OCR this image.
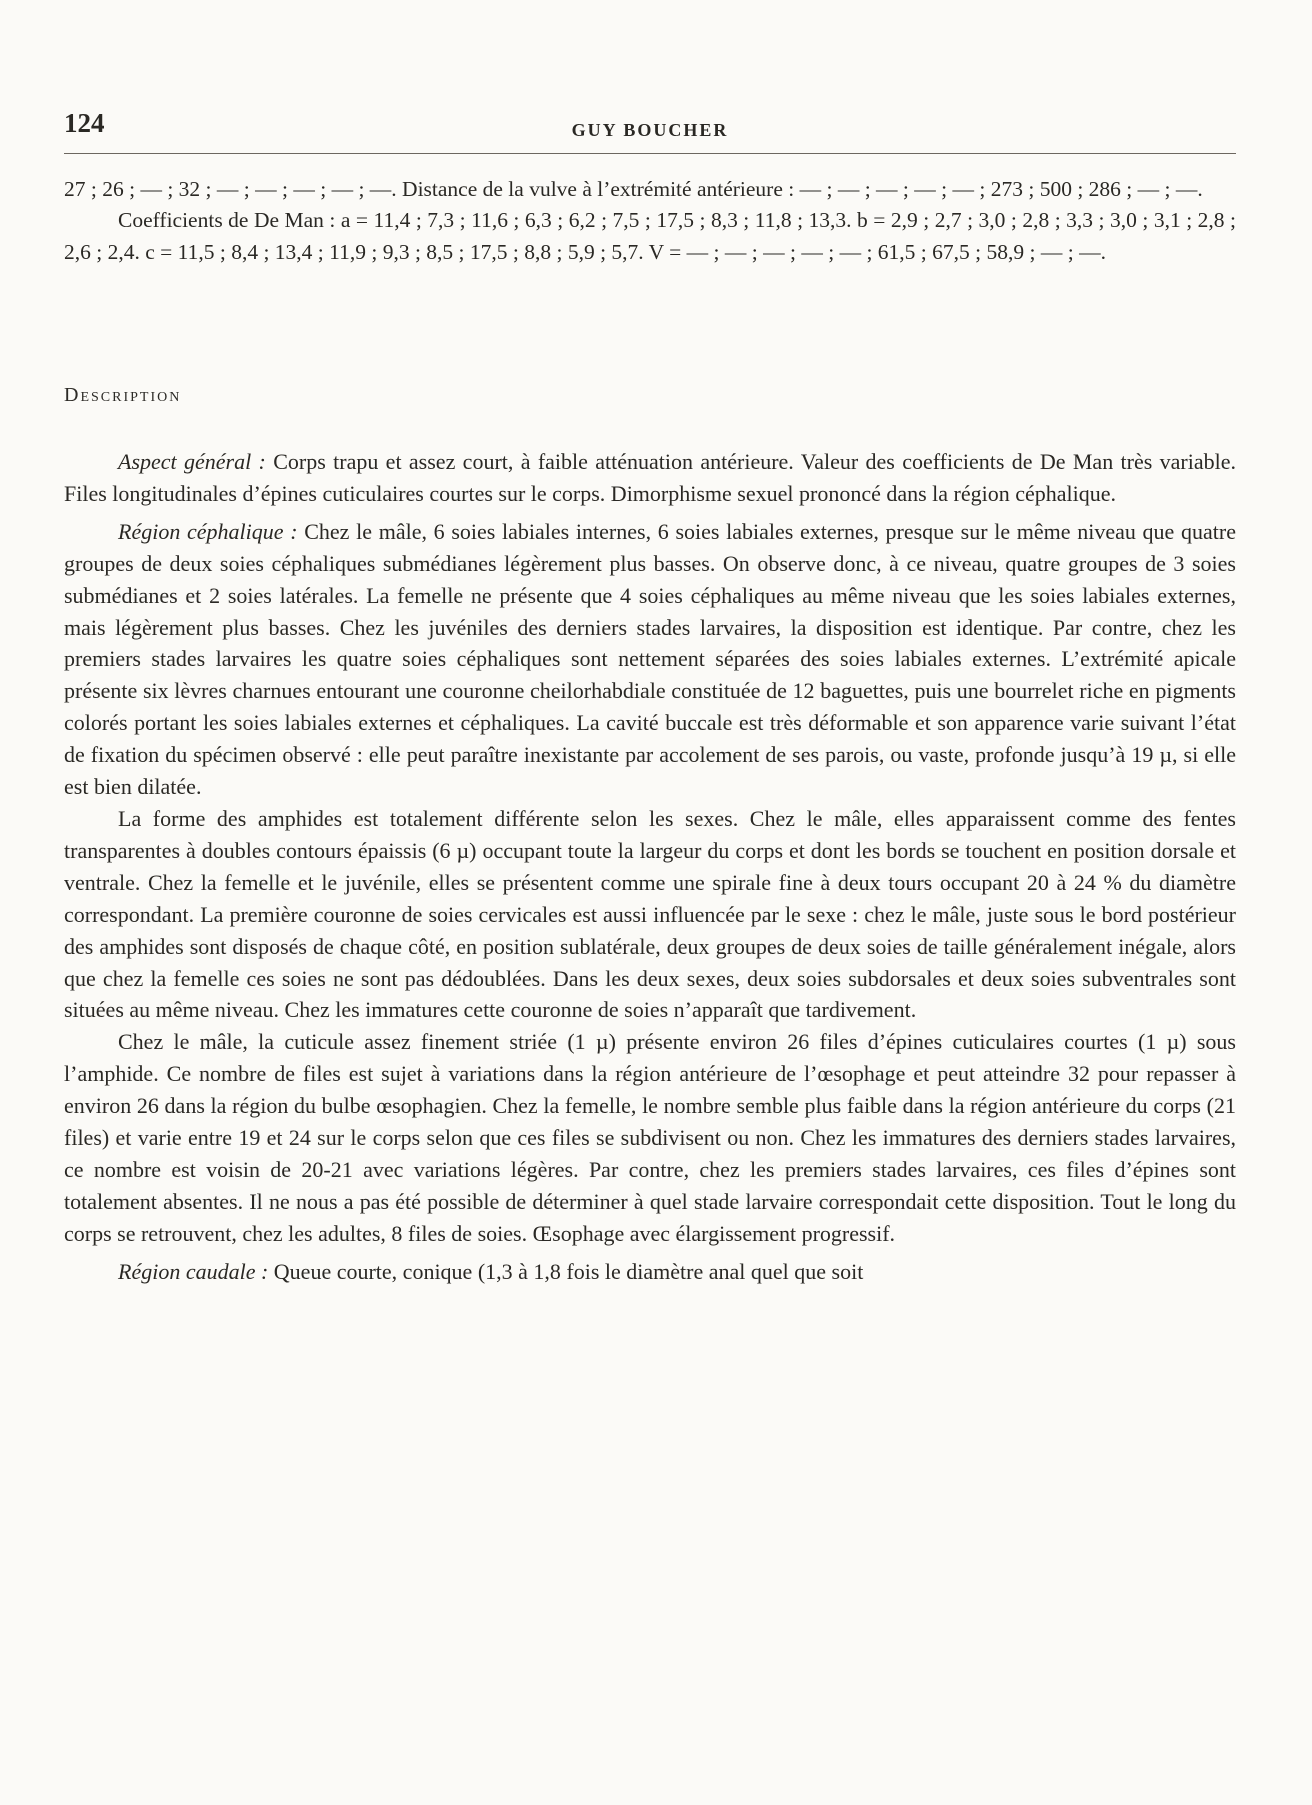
124	GUY BOUCHER

27 ; 26 ; — ; 32 ; — ; — ; — ; — ; —. Distance de la vulve à l’extrémité antérieure : — ; — ; — ; — ; — ; 273 ; 500 ; 286 ; — ; —.

Coefficients de De Man : a = 11,4 ; 7,3 ; 11,6 ; 6,3 ; 6,2 ; 7,5 ; 17,5 ; 8,3 ; 11,8 ; 13,3. b = 2,9 ; 2,7 ; 3,0 ; 2,8 ; 3,3 ; 3,0 ; 3,1 ; 2,8 ; 2,6 ; 2,4. c = 11,5 ; 8,4 ; 13,4 ; 11,9 ; 9,3 ; 8,5 ; 17,5 ; 8,8 ; 5,9 ; 5,7. V = — ; — ; — ; — ; — ; 61,5 ; 67,5 ; 58,9 ; — ; —.

Description

Aspect général : Corps trapu et assez court, à faible atténuation antérieure. Valeur des coefficients de De Man très variable. Files longitudinales d’épines cuticulaires courtes sur le corps. Dimorphisme sexuel prononcé dans la région céphalique.

Région céphalique : Chez le mâle, 6 soies labiales internes, 6 soies labiales externes, presque sur le même niveau que quatre groupes de deux soies céphaliques submédianes légèrement plus basses. On observe donc, à ce niveau, quatre groupes de 3 soies submédianes et 2 soies latérales. La femelle ne présente que 4 soies céphaliques au même niveau que les soies labiales externes, mais légèrement plus basses. Chez les juvéniles des derniers stades larvaires, la disposition est identique. Par contre, chez les premiers stades larvaires les quatre soies céphaliques sont nettement séparées des soies labiales externes. L’extrémité apicale présente six lèvres charnues entourant une couronne cheilorhabdiale constituée de 12 baguettes, puis une bourrelet riche en pigments colorés portant les soies labiales externes et céphaliques. La cavité buccale est très déformable et son apparence varie suivant l’état de fixation du spécimen observé : elle peut paraître inexistante par accolement de ses parois, ou vaste, profonde jusqu’à 19 µ, si elle est bien dilatée.

La forme des amphides est totalement différente selon les sexes. Chez le mâle, elles apparaissent comme des fentes transparentes à doubles contours épaissis (6 µ) occupant toute la largeur du corps et dont les bords se touchent en position dorsale et ventrale. Chez la femelle et le juvénile, elles se présentent comme une spirale fine à deux tours occupant 20 à 24 % du diamètre correspondant. La première couronne de soies cervicales est aussi influencée par le sexe : chez le mâle, juste sous le bord postérieur des amphides sont disposés de chaque côté, en position sublatérale, deux groupes de deux soies de taille généralement inégale, alors que chez la femelle ces soies ne sont pas dédoublées. Dans les deux sexes, deux soies subdorsales et deux soies subventrales sont situées au même niveau. Chez les immatures cette couronne de soies n’apparaît que tardivement.

Chez le mâle, la cuticule assez finement striée (1 µ) présente environ 26 files d’épines cuticulaires courtes (1 µ) sous l’amphide. Ce nombre de files est sujet à variations dans la région antérieure de l’œsophage et peut atteindre 32 pour repasser à environ 26 dans la région du bulbe œsophagien. Chez la femelle, le nombre semble plus faible dans la région antérieure du corps (21 files) et varie entre 19 et 24 sur le corps selon que ces files se subdivisent ou non. Chez les immatures des derniers stades larvaires, ce nombre est voisin de 20-21 avec variations légères. Par contre, chez les premiers stades larvaires, ces files d’épines sont totalement absentes. Il ne nous a pas été possible de déterminer à quel stade larvaire correspondait cette disposition. Tout le long du corps se retrouvent, chez les adultes, 8 files de soies. Œsophage avec élargissement progressif.

Région caudale : Queue courte, conique (1,3 à 1,8 fois le diamètre anal quel que soit
